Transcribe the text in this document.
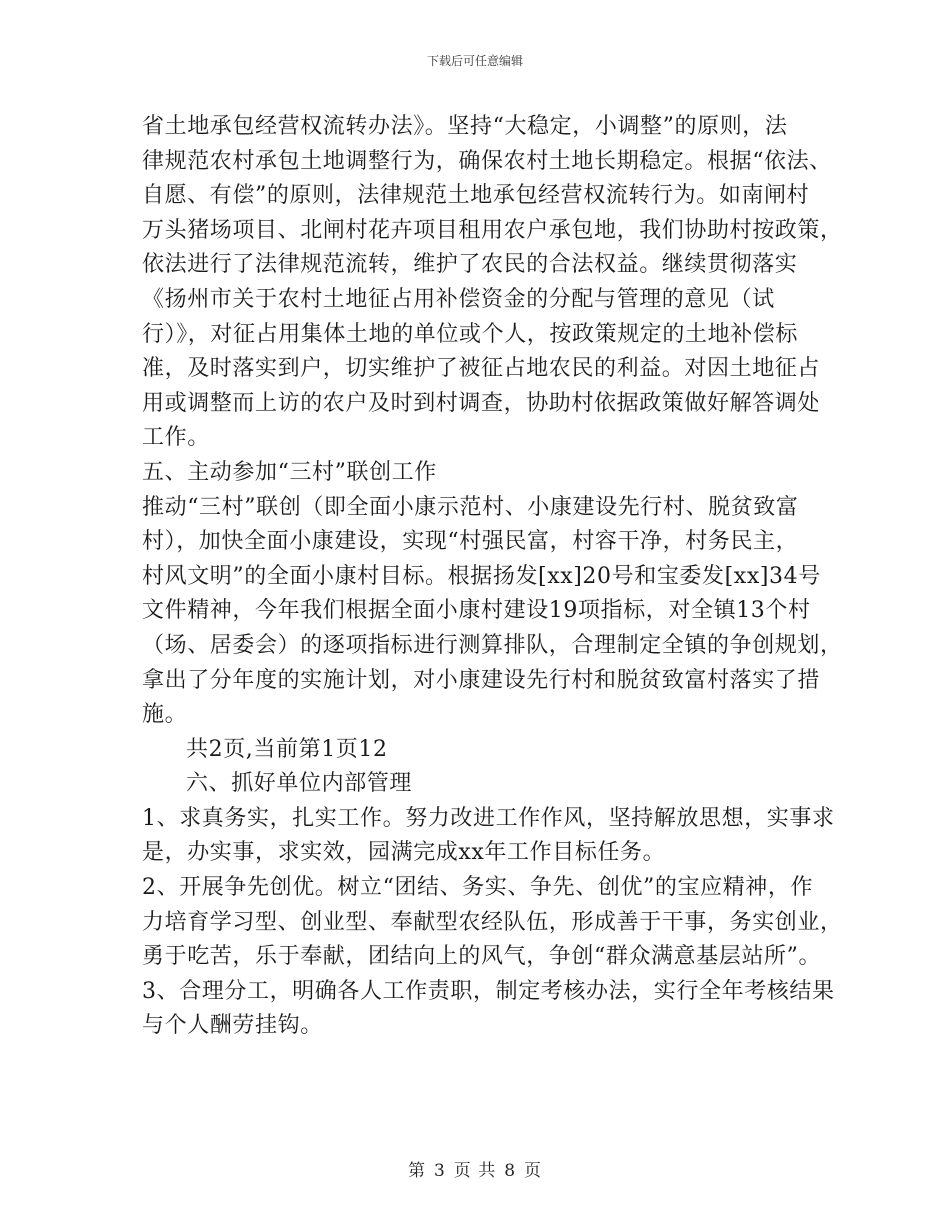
下载后可任意编辑
省土地承包经营权流转办法》。坚持“大稳定，小调整”的原则，法
律规范农村承包土地调整行为，确保农村土地长期稳定。根据“依法、
自愿、有偿”的原则，法律规范土地承包经营权流转行为。如南闸村
万头猪场项目、北闸村花卉项目租用农户承包地，我们协助村按政策，
依法进行了法律规范流转，维护了农民的合法权益。继续贯彻落实
《扬州市关于农村土地征占用补偿资金的分配与管理的意见（试
行）》，对征占用集体土地的单位或个人，按政策规定的土地补偿标
准，及时落实到户，切实维护了被征占地农民的利益。对因土地征占
用或调整而上访的农户及时到村调查，协助村依据政策做好解答调处
工作。
五、主动参加“三村”联创工作
推动“三村”联创（即全面小康示范村、小康建设先行村、脱贫致富
村），加快全面小康建设，实现“村强民富，村容干净，村务民主，
村风文明”的全面小康村目标。根据扬发[xx]20号和宝委发[xx]34号
文件精神，今年我们根据全面小康村建设19项指标，对全镇13个村
（场、居委会）的逐项指标进行测算排队，合理制定全镇的争创规划，
拿出了分年度的实施计划，对小康建设先行村和脱贫致富村落实了措
施。
共2页,当前第1页12
六、抓好单位内部管理
1、求真务实，扎实工作。努力改进工作作风，坚持解放思想，实事求
是，办实事，求实效，园满完成xx年工作目标任务。
2、开展争先创优。树立“团结、务实、争先、创优”的宝应精神，作
力培育学习型、创业型、奉献型农经队伍，形成善于干事，务实创业，
勇于吃苦，乐于奉献，团结向上的风气，争创“群众满意基层站所”。
3、合理分工，明确各人工作责职，制定考核办法，实行全年考核结果
与个人酬劳挂钩。
第 3 页 共 8 页
